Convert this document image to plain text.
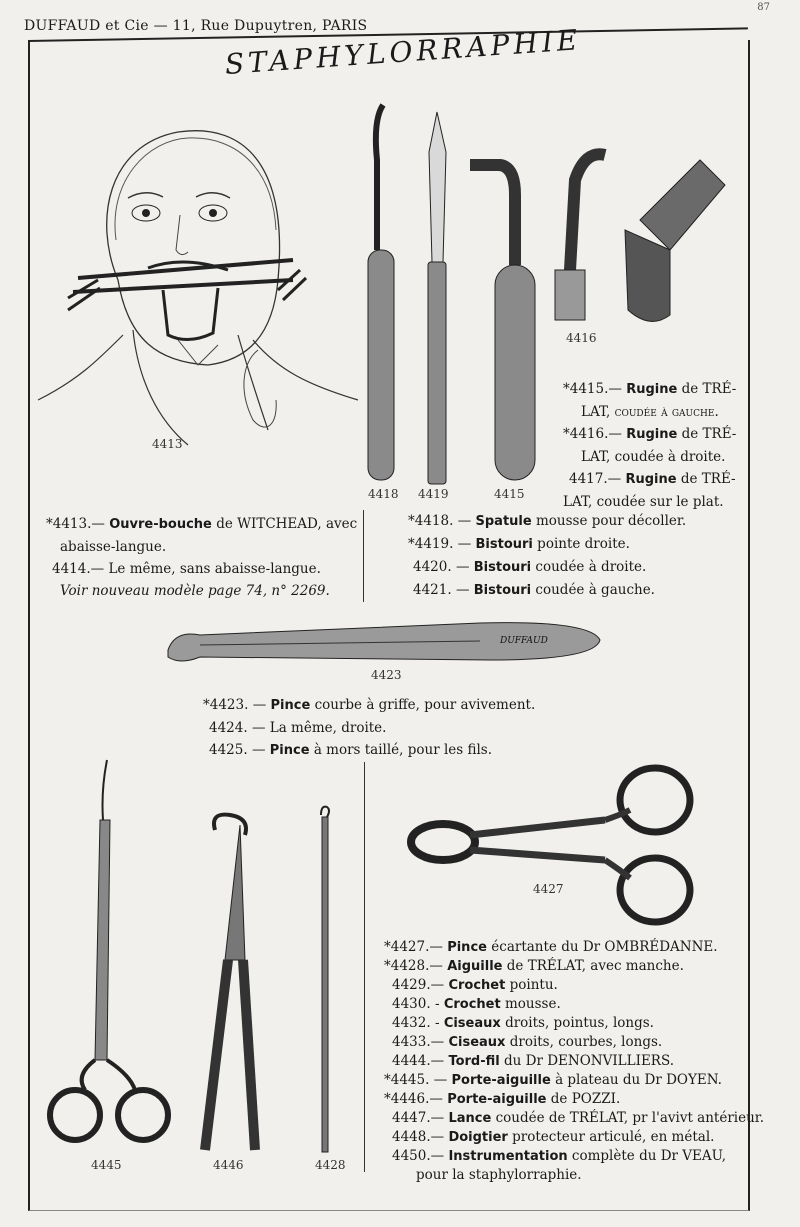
DUFFAUD et Cie — 11, Rue Dupuytren, PARIS
87
STAPHYLORRAPHIE
4413
4416
4418 4419	4415
*4415.— Rugine de TRÉ-
LAT, coudée à gauche.
*4416.— Rugine de TRÉ-
LAT, coudée à droite.
4417.— Rugine de TRÉ-
LAT, coudée sur le plat.
*4413.— Ouvre-bouche de WITCHEAD, avec
abaisse-langue.
4414.— Le même, sans abaisse-langue.
Voir nouveau modèle page 74, n° 2269.
*4418. — Spatule mousse pour décoller.
*4419. — Bistouri pointe droite.
4420. — Bistouri coudée à droite.
4421. — Bistouri coudée à gauche.
DUFFAUD
4423
*4423. — Pince courbe à griffe, pour avivement.
4424. — La même, droite.
4425. — Pince à mors taillé, pour les fils.
4445	4446	4428
4427
*4427.— Pince écartante du Dr OMBRÉDANNE.
*4428.— Aiguille de TRÉLAT, avec manche.
4429.— Crochet pointu.
4430. - Crochet mousse.
4432. - Ciseaux droits, pointus, longs.
4433.— Ciseaux droits, courbes, longs.
4444.— Tord-fil du Dr DENONVILLIERS.
*4445. — Porte-aiguille à plateau du Dr DOYEN.
*4446.— Porte-aiguille de POZZI.
4447.— Lance coudée de TRÉLAT, pr l'avivt antérieur.
4448.— Doigtier protecteur articulé, en métal.
4450.— Instrumentation complète du Dr VEAU,
pour la staphylorraphie.
